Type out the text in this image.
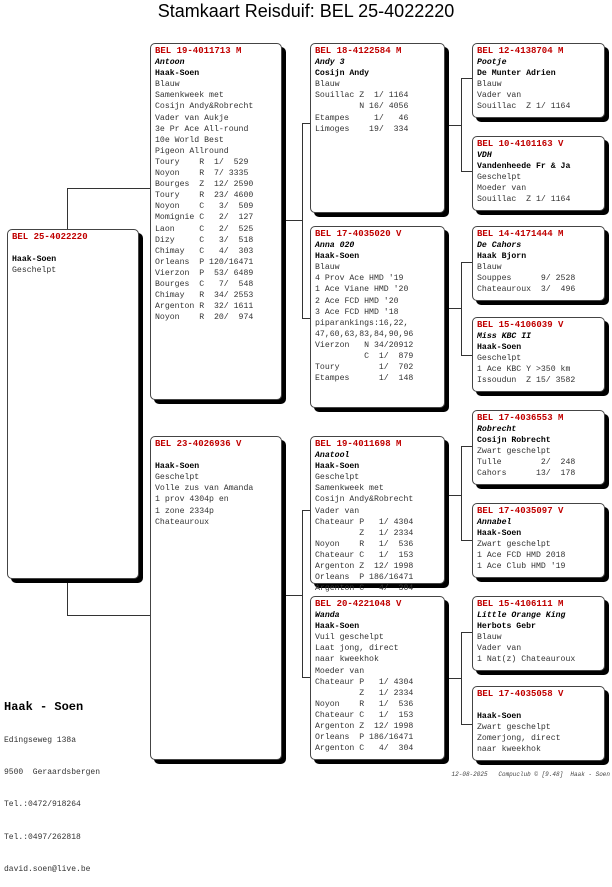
Stamkaart Reisduif: BEL 25-4022220
BEL 25-4022220
Haak-Soen
Geschelpt
BEL 19-4011713 M
Antoon
Haak-Soen
Blauw
Samenkweek met
Cosijn Andy&Robrecht
Vader van Aukje
3e Pr Ace All-round
10e World Best
Pigeon Allround
Toury    R  1/  529
Noyon    R  7/ 3335
Bourges  Z  12/ 2590
Toury    R  23/ 4600
Noyon    C   3/  509
Momignie C   2/  127
Laon     C   2/  525
Dizy     C   3/  518
Chimay   C   4/  303
Orleans  P 120/16471
Vierzon  P  53/ 6489
Bourges  C   7/  548
Chimay   R  34/ 2553
Argenton R  32/ 1611
Noyon    R  20/  974
BEL 23-4026936 V
Haak-Soen
Geschelpt
Volle zus van Amanda
1 prov 4304p en
1 zone 2334p
Chateauroux
BEL 18-4122584 M
Andy 3
Cosijn Andy
Blauw
Souillac Z  1/ 1164
N 16/ 4056
Etampes     1/   46
Limoges    19/  334
BEL 17-4035020 V
Anna 020
Haak-Soen
Blauw
4 Prov Ace HMD '19
1 Ace Viane HMD '20
2 Ace FCD HMD '20
3 Ace FCD HMD '18
piparankings:16,22,
47,60,63,83,84,90,96
Vierzon   N 34/20912
C  1/  879
Toury        1/  702
Etampes      1/  148
BEL 19-4011698 M
Anatool
Haak-Soen
Geschelpt
Samenkweek met
Cosijn Andy&Robrecht
Vader van
Chateaur P   1/ 4304
Z   1/ 2334
Noyon    R   1/  536
Chateaur C   1/  153
Argenton Z  12/ 1998
Orleans  P 186/16471
Argenton C   4/  304
BEL 20-4221048 V
Wanda
Haak-Soen
Vuil geschelpt
Laat jong, direct
naar kweekhok
Moeder van
Chateaur P   1/ 4304
Z   1/ 2334
Noyon    R   1/  536
Chateaur C   1/  153
Argenton Z  12/ 1998
Orleans  P 186/16471
Argenton C   4/  304
BEL 12-4138704 M
Pootje
De Munter Adrien
Blauw
Vader van
Souillac  Z 1/ 1164
BEL 10-4101163 V
VDH
Vandenheede Fr & Ja
Geschelpt
Moeder van
Souillac  Z 1/ 1164
BEL 14-4171444 M
De Cahors
Haak Bjorn
Blauw
Souppes      9/ 2528
Chateauroux  3/  496
BEL 15-4106039 V
Miss KBC II
Haak-Soen
Geschelpt
1 Ace KBC Y >350 km
Issoudun  Z 15/ 3582
BEL 17-4036553 M
Robrecht
Cosijn Robrecht
Zwart geschelpt
Tulle        2/  248
Cahors      13/  178
BEL 17-4035097 V
Annabel
Haak-Soen
Zwart geschelpt
1 Ace FCD HMD 2018
1 Ace Club HMD '19
BEL 15-4106111 M
Little Orange King
Herbots Gebr
Blauw
Vader van
1 Nat(z) Chateauroux
BEL 17-4035058 V
Haak-Soen
Zwart geschelpt
Zomerjong, direct
naar kweekhok
Haak - Soen

Edingseweg 138a

9500  Geraardsbergen

Tel.:0472/918264

Tel.:0497/262818

david.soen@live.be

12-08-2025 Compuclub © [9.48] Haak - Soen
